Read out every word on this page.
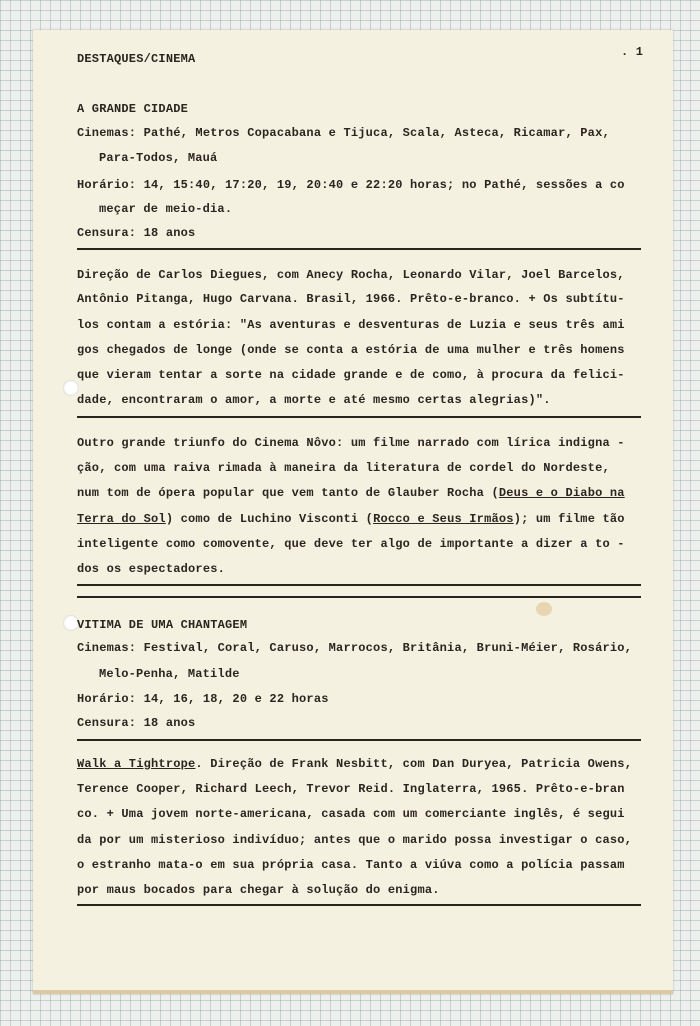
DESTAQUES/CINEMA	. 1

A GRANDE CIDADE

Cinemas: Pathé, Metros Copacabana e Tijuca, Scala, Asteca, Ricamar, Pax,

Para-Todos, Mauá

Horário: 14, 15:40, 17:20, 19, 20:40 e 22:20 horas; no Pathé, sessões a co

meçar de meio-dia.

Censura: 18 anos

Direção de Carlos Diegues, com Anecy Rocha, Leonardo Vilar, Joel Barcelos,

Antônio Pitanga, Hugo Carvana. Brasil, 1966. Prêto-e-branco. + Os subtítu-

los contam a estória: "As aventuras e desventuras de Luzia e seus três ami

gos chegados de longe (onde se conta a estória de uma mulher e três homens

que vieram tentar a sorte na cidade grande e de como, à procura da felici-

dade, encontraram o amor, a morte e até mesmo certas alegrias)".

Outro grande triunfo do Cinema Nôvo: um filme narrado com lírica indigna -

ção, com uma raiva rimada à maneira da literatura de cordel do Nordeste,

num tom de ópera popular que vem tanto de Glauber Rocha (Deus e o Diabo na

Terra do Sol) como de Luchino Visconti (Rocco e Seus Irmãos); um filme tão

inteligente como comovente, que deve ter algo de importante a dizer a to -

dos os espectadores.

VITIMA DE UMA CHANTAGEM

Cinemas: Festival, Coral, Caruso, Marrocos, Britânia, Bruni-Méier, Rosário,

Melo-Penha, Matilde

Horário: 14, 16, 18, 20 e 22 horas

Censura: 18 anos

Walk a Tightrope. Direção de Frank Nesbitt, com Dan Duryea, Patricia Owens,

Terence Cooper, Richard Leech, Trevor Reid. Inglaterra, 1965. Prêto-e-bran

co. + Uma jovem norte-americana, casada com um comerciante inglês, é segui

da por um misterioso indivíduo; antes que o marido possa investigar o caso,

o estranho mata-o em sua própria casa. Tanto a viúva como a polícia passam

por maus bocados para chegar à solução do enigma.
